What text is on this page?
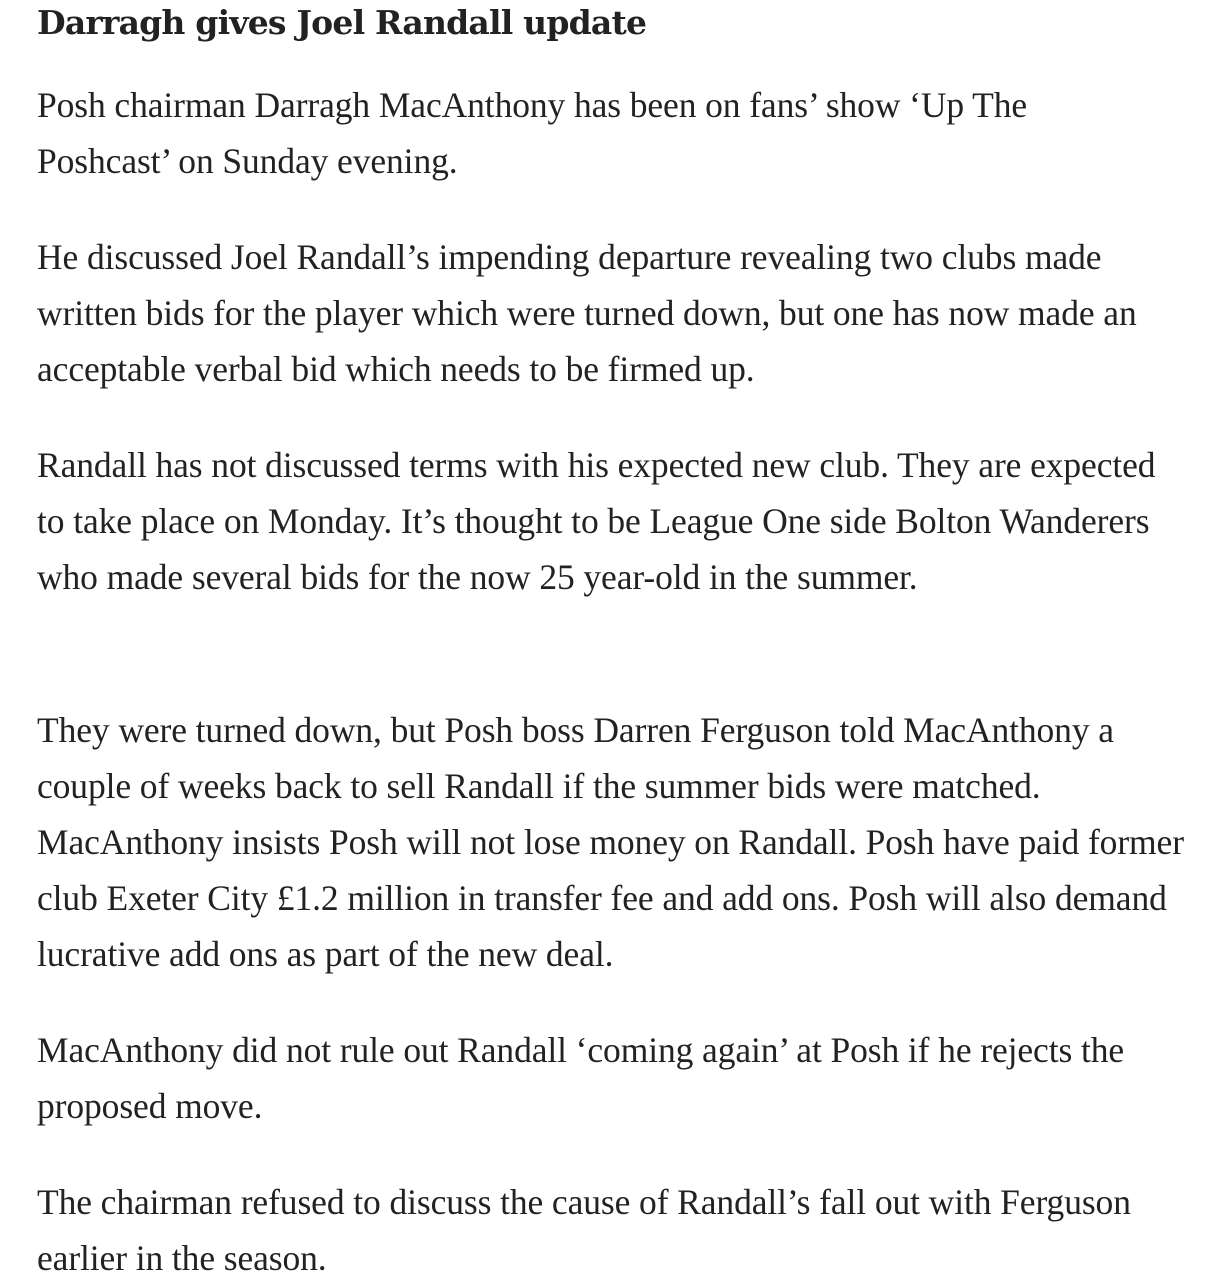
Darragh gives Joel Randall update

Posh chairman Darragh MacAnthony has been on fans’ show ‘Up The Poshcast’ on Sunday evening.

He discussed Joel Randall’s impending departure revealing two clubs made written bids for the player which were turned down, but one has now made an acceptable verbal bid which needs to be firmed up.

Randall has not discussed terms with his expected new club. They are expected to take place on Monday. It’s thought to be League One side Bolton Wanderers who made several bids for the now 25 year-old in the summer.

They were turned down, but Posh boss Darren Ferguson told MacAnthony a couple of weeks back to sell Randall if the summer bids were matched. MacAnthony insists Posh will not lose money on Randall. Posh have paid former club Exeter City £1.2 million in transfer fee and add ons. Posh will also demand lucrative add ons as part of the new deal.

MacAnthony did not rule out Randall ‘coming again’ at Posh if he rejects the proposed move.

The chairman refused to discuss the cause of Randall’s fall out with Ferguson earlier in the season.
